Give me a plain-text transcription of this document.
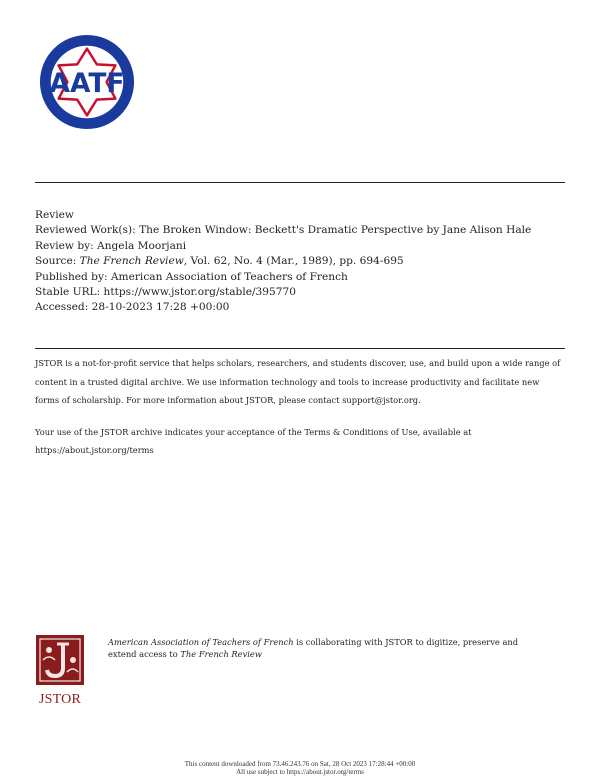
AATF
Review
Reviewed Work(s): The Broken Window: Beckett's Dramatic Perspective by Jane Alison Hale
Review by: Angela Moorjani
Source: The French Review, Vol. 62, No. 4 (Mar., 1989), pp. 694-695
Published by: American Association of Teachers of French
Stable URL: https://www.jstor.org/stable/395770
Accessed: 28-10-2023 17:28 +00:00

JSTOR is a not-for-profit service that helps scholars, researchers, and students discover, use, and build upon a wide range of content in a trusted digital archive. We use information technology and tools to increase productivity and facilitate new forms of scholarship. For more information about JSTOR, please contact support@jstor.org.

Your use of the JSTOR archive indicates your acceptance of the Terms & Conditions of Use, available at https://about.jstor.org/terms

JSTOR
American Association of Teachers of French is collaborating with JSTOR to digitize, preserve and extend access to The French Review
This content downloaded from 73.46.243.76 on Sat, 28 Oct 2023 17:28:44 +00:00
All use subject to https://about.jstor.org/terms
